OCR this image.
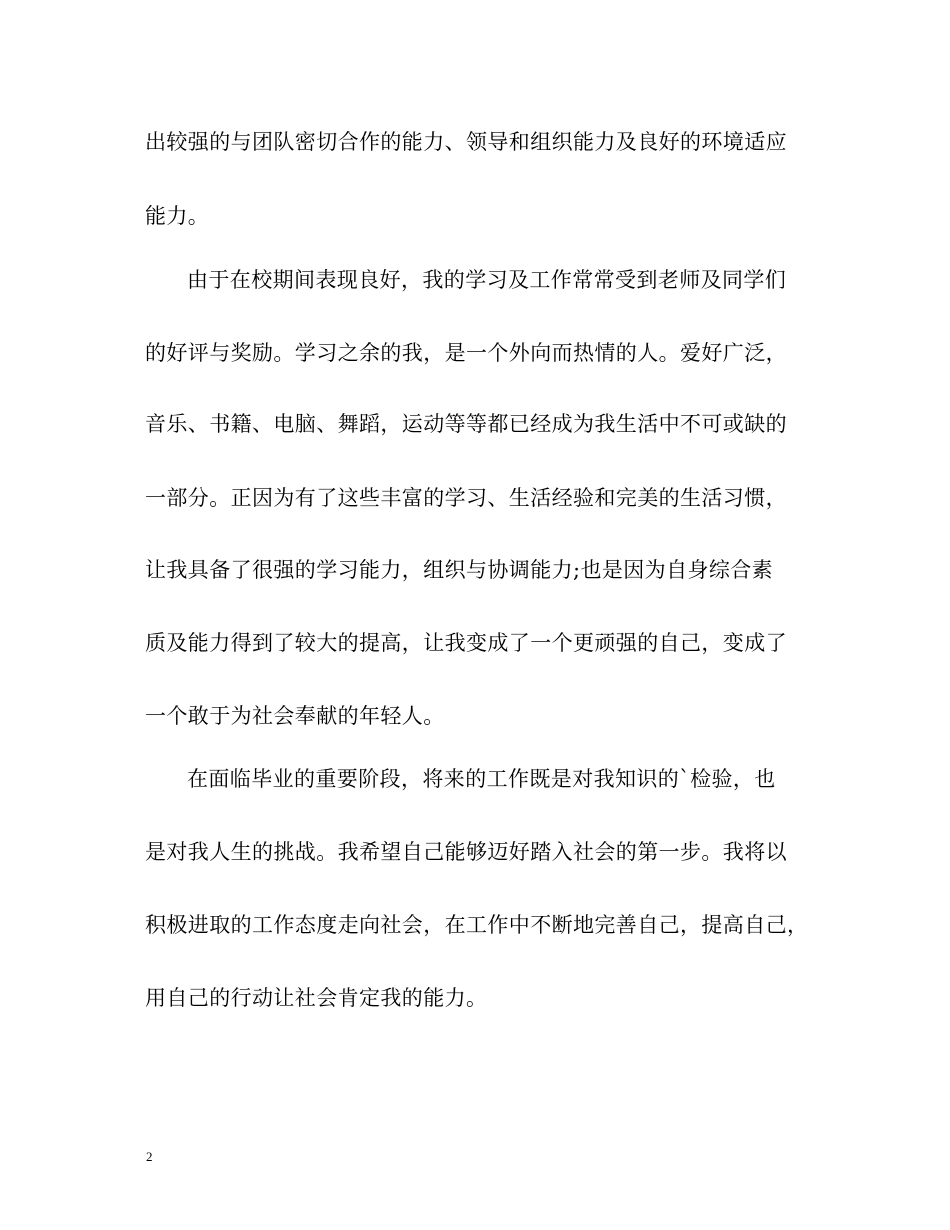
出较强的与团队密切合作的能力、领导和组织能力及良好的环境适应
能力。
由于在校期间表现良好，我的学习及工作常常受到老师及同学们
的好评与奖励。学习之余的我，是一个外向而热情的人。爱好广泛，
音乐、书籍、电脑、舞蹈，运动等等都已经成为我生活中不可或缺的
一部分。正因为有了这些丰富的学习、生活经验和完美的生活习惯，
让我具备了很强的学习能力，组织与协调能力;也是因为自身综合素
质及能力得到了较大的提高，让我变成了一个更顽强的自己，变成了
一个敢于为社会奉献的年轻人。
在面临毕业的重要阶段，将来的工作既是对我知识的`检验，也
是对我人生的挑战。我希望自己能够迈好踏入社会的第一步。我将以
积极进取的工作态度走向社会，在工作中不断地完善自己，提高自己，
用自己的行动让社会肯定我的能力。
2
